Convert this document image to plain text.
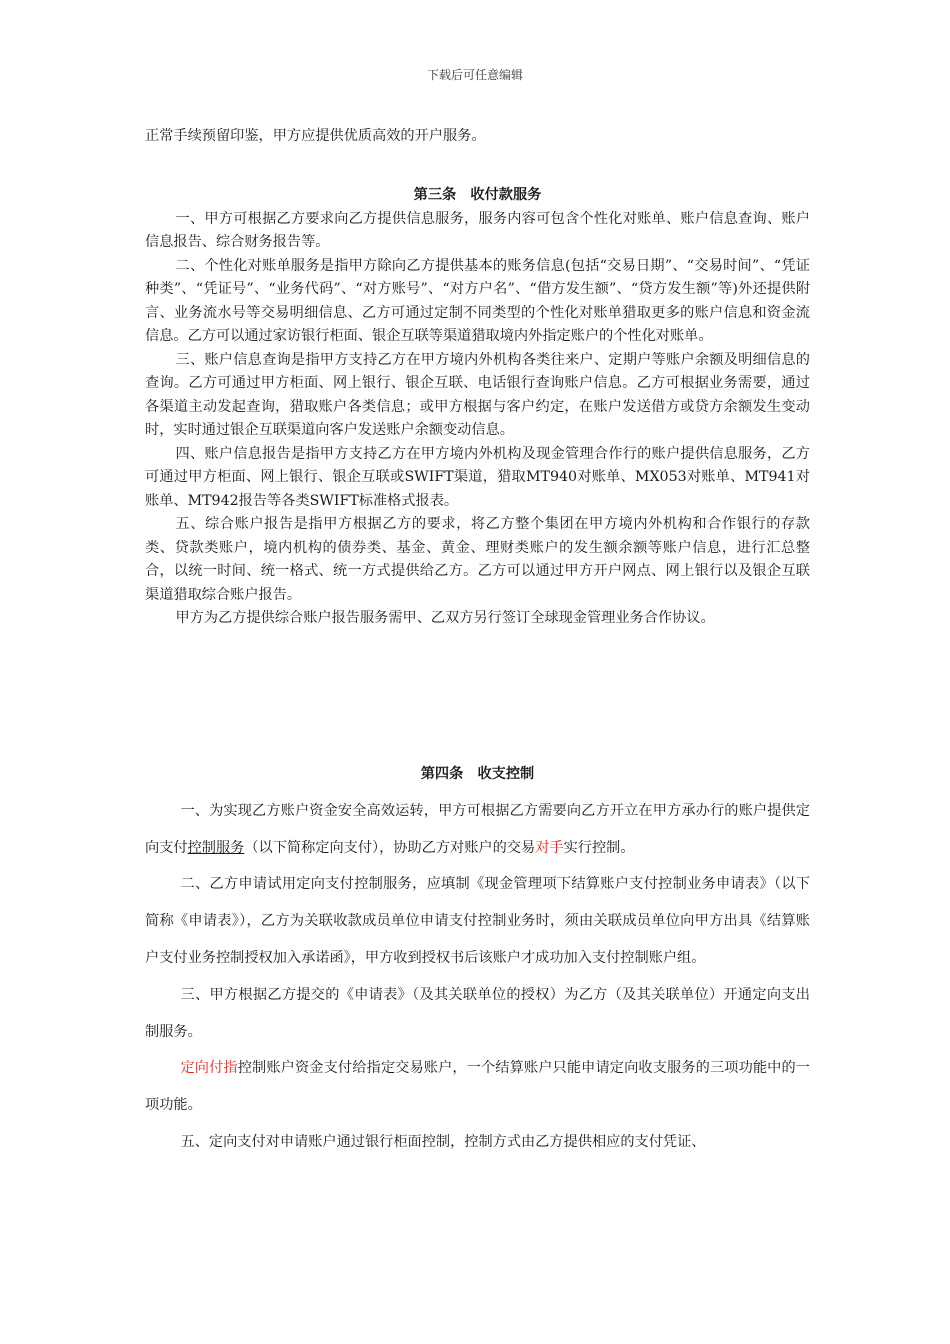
下载后可任意编辑

正常手续预留印鉴，甲方应提供优质高效的开户服务。

第三条　收付款服务

一、甲方可根据乙方要求向乙方提供信息服务，服务内容可包含个性化对账单、账户信息查询、账户信息报告、综合财务报告等。

二、个性化对账单服务是指甲方除向乙方提供基本的账务信息(包括“交易日期”、“交易时间”、“凭证种类”、“凭证号”、“业务代码”、“对方账号”、“对方户名”、“借方发生额”、“贷方发生额”等)外还提供附言、业务流水号等交易明细信息、乙方可通过定制不同类型的个性化对账单猎取更多的账户信息和资金流信息。乙方可以通过家访银行柜面、银企互联等渠道猎取境内外指定账户的个性化对账单。

三、账户信息查询是指甲方支持乙方在甲方境内外机构各类往来户、定期户等账户余额及明细信息的查询。乙方可通过甲方柜面、网上银行、银企互联、电话银行查询账户信息。乙方可根据业务需要，通过各渠道主动发起查询，猎取账户各类信息；或甲方根据与客户约定，在账户发送借方或贷方余额发生变动时，实时通过银企互联渠道向客户发送账户余额变动信息。

四、账户信息报告是指甲方支持乙方在甲方境内外机构及现金管理合作行的账户提供信息服务，乙方可通过甲方柜面、网上银行、银企互联或SWIFT渠道，猎取MT940对账单、MX053对账单、MT941对账单、MT942报告等各类SWIFT标准格式报表。

五、综合账户报告是指甲方根据乙方的要求，将乙方整个集团在甲方境内外机构和合作银行的存款类、贷款类账户，境内机构的债券类、基金、黄金、理财类账户的发生额余额等账户信息，进行汇总整合，以统一时间、统一格式、统一方式提供给乙方。乙方可以通过甲方开户网点、网上银行以及银企互联渠道猎取综合账户报告。

甲方为乙方提供综合账户报告服务需甲、乙双方另行签订全球现金管理业务合作协议。

第四条　收支控制

一、为实现乙方账户资金安全高效运转，甲方可根据乙方需要向乙方开立在甲方承办行的账户提供定向支付控制服务（以下简称定向支付），协助乙方对账户的交易对手实行控制。

二、乙方申请试用定向支付控制服务，应填制《现金管理项下结算账户支付控制业务申请表》（以下简称《申请表》），乙方为关联收款成员单位申请支付控制业务时，须由关联成员单位向甲方出具《结算账户支付业务控制授权加入承诺函》，甲方收到授权书后该账户才成功加入支付控制账户组。

三、甲方根据乙方提交的《申请表》（及其关联单位的授权）为乙方（及其关联单位）开通定向支出制服务。

定向付指控制账户资金支付给指定交易账户，一个结算账户只能申请定向收支服务的三项功能中的一项功能。

五、定向支付对申请账户通过银行柜面控制，控制方式由乙方提供相应的支付凭证、
